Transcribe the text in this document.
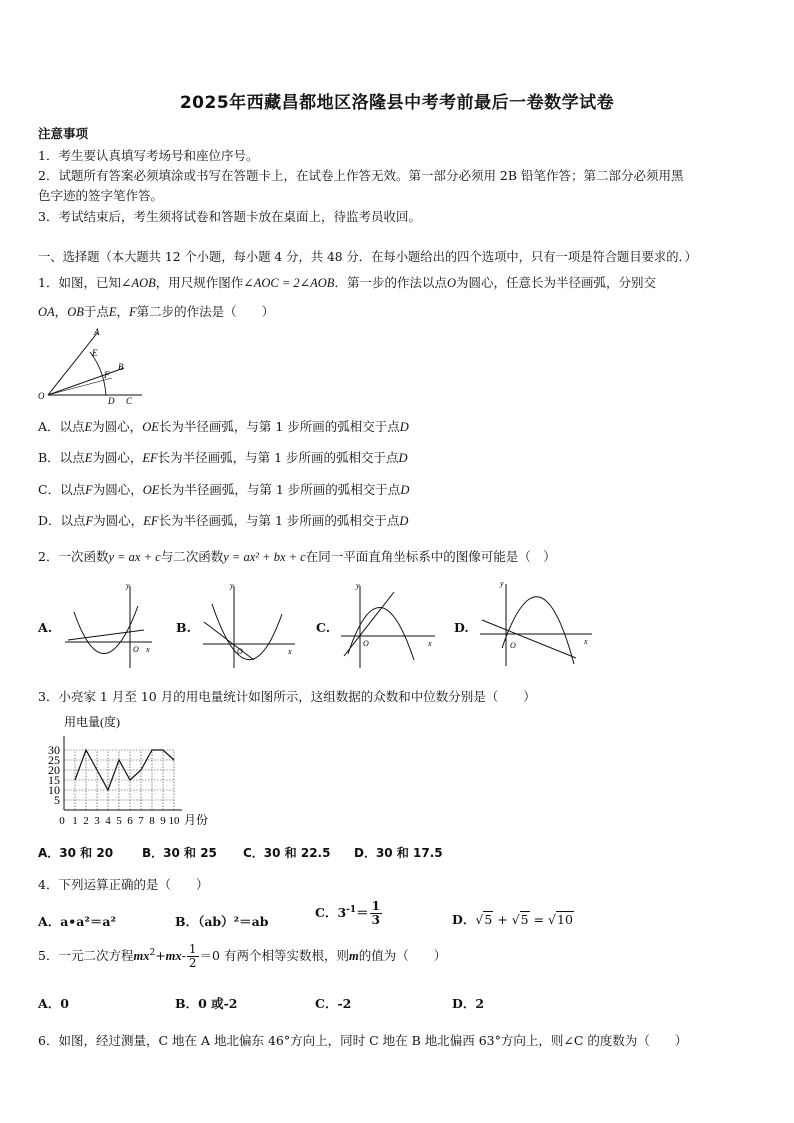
2025年西藏昌都地区洛隆县中考考前最后一卷数学试卷
注意事项
1．考生要认真填写考场号和座位序号。
2．试题所有答案必须填涂或书写在答题卡上，在试卷上作答无效。第一部分必须用 2B 铅笔作答；第二部分必须用黑
色字迹的签字笔作答。
3．考试结束后，考生须将试卷和答题卡放在桌面上，待监考员收回。
一、选择题（本大题共 12 个小题，每小题 4 分，共 48 分．在每小题给出的四个选项中，只有一项是符合题目要求的．）
1．如图，已知∠AOB，用尺规作图作∠AOC = 2∠AOB．第一步的作法以点O为圆心，任意长为半径画弧，分别交
OA，OB于点E，F第二步的作法是（　　）
A
E
F
B
O	D C
A．以点E为圆心，OE长为半径画弧，与第 1 步所画的弧相交于点D
B．以点E为圆心，EF长为半径画弧，与第 1 步所画的弧相交于点D
C．以点F为圆心，OE长为半径画弧，与第 1 步所画的弧相交于点D
D．以点F为圆心，EF长为半径画弧，与第 1 步所画的弧相交于点D
2．一次函数y = ax + c与二次函数y = ax² + bx + c在同一平面直角坐标系中的图像可能是（　）
A.
y
x
O
B.
y
x
O
C.
y
x
O
D.
y
x
O
3．小亮家 1 月至 10 月的用电量统计如图所示，这组数据的众数和中位数分别是（　　）
5
10
15
20
25
30
0 1 2 3 4 5 6 7 8 9 10
用电量(度)
月份
A．30 和 20 B．30 和 25 C．30 和 22.5 D．30 和 17.5
4．下列运算正确的是（　　）
A．a•a²＝a²	B．（ab）²＝ab
C．$3^{-1}= \frac{1}{3}$	D．√5 + √5 = √10
5．一元二次方程$mx^2+mx- \frac{1}{2} =0$ 有两个相等实数根，则m的值为（　　）
A．0	B．0 或-2	C．-2	D．2
6．如图，经过测量，C 地在 A 地北偏东 46°方向上，同时 C 地在 B 地北偏西 63°方向上，则∠C 的度数为（　　）
